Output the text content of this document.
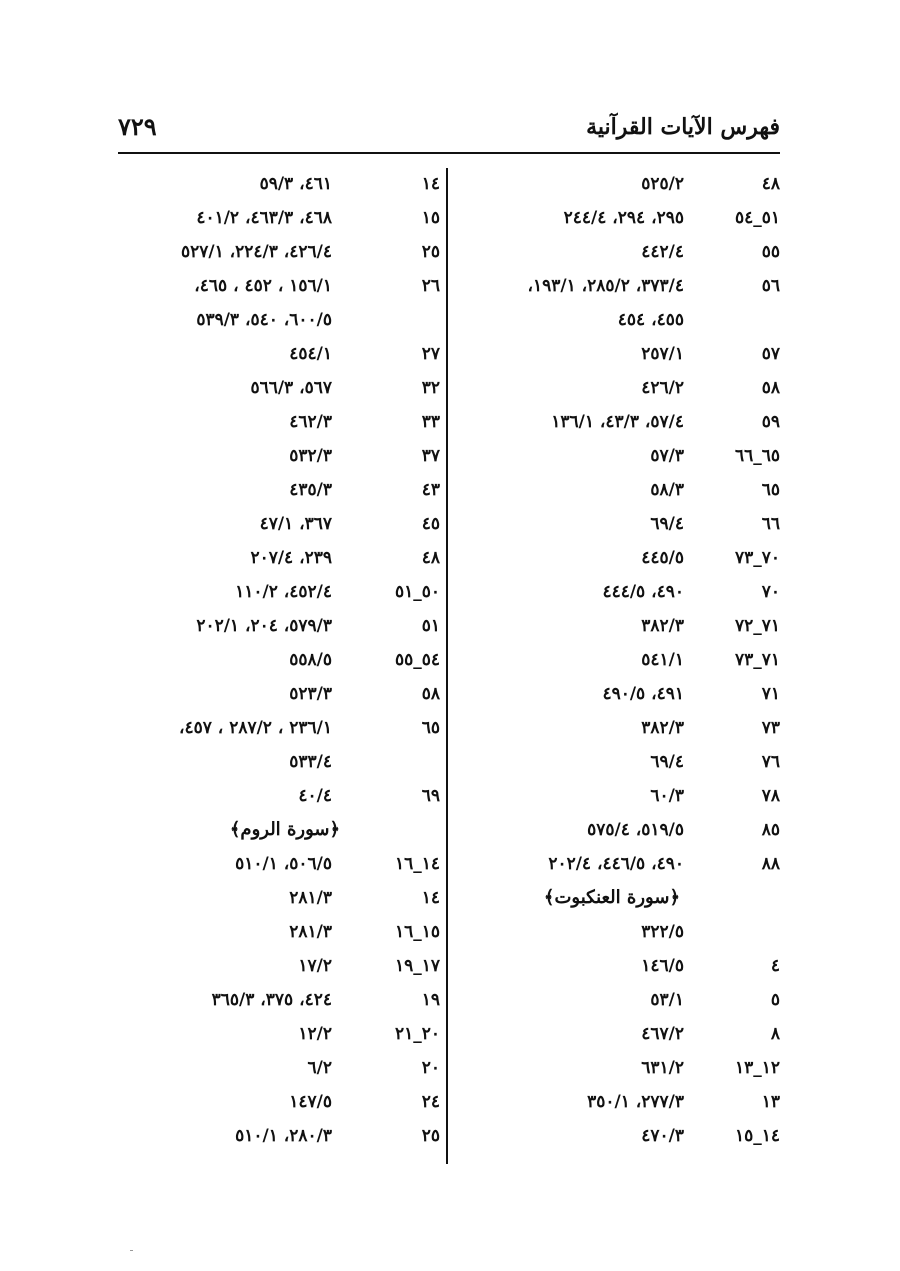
فهرس الآيات القرآنية
٧٢٩
٤٨
٥٢٥/٢
٥١_٥٤
٢٩٥، ٢٩٤، ٢٤٤/٤
٥٥
٤٤٢/٤
٥٦
٣٧٣/٤، ٢٨٥/٢، ١٩٣/١،
٤٥٥، ٤٥٤
٥٧
٢٥٧/١
٥٨
٤٢٦/٢
٥٩
٥٧/٤، ٤٣/٣، ١٣٦/١
٦٥_٦٦
٥٧/٣
٦٥
٥٨/٣
٦٦
٦٩/٤
٧٠_٧٣
٤٤٥/٥
٧٠
٤٩٠، ٤٤٤/٥
٧١_٧٢
٣٨٢/٣
٧١_٧٣
٥٤١/١
٧١
٤٩١، ٤٩٠/٥
٧٣
٣٨٢/٣
٧٦
٦٩/٤
٧٨
٦٠/٣
٨٥
٥١٩/٥، ٥٧٥/٤
٨٨
٤٩٠، ٤٤٦/٥، ٢٠٢/٤
﴿سورة العنكبوت﴾
٣٢٢/٥
٤
١٤٦/٥
٥
٥٣/١
٨
٤٦٧/٢
١٢_١٣
٦٣١/٢
١٣
٢٧٧/٣، ٣٥٠/١
١٤_١٥
٤٧٠/٣
١٤
٤٦١، ٥٩/٣
١٥
٤٦٨، ٤٦٣/٣، ٤٠١/٢
٢٥
٤٢٦/٤، ٢٢٤/٣، ٥٢٧/١
٢٦
١٥٦/١ ، ٤٥٢ ، ٤٦٥،
٦٠٠/٥، ٥٤٠، ٥٣٩/٣
٢٧
٤٥٤/١
٣٢
٥٦٧، ٥٦٦/٣
٣٣
٤٦٢/٣
٣٧
٥٣٢/٣
٤٣
٤٣٥/٣
٤٥
٣٦٧، ٤٧/١
٤٨
٢٣٩، ٢٠٧/٤
٥٠_٥١
٤٥٢/٤، ١١٠/٢
٥١
٥٧٩/٣، ٢٠٤، ٢٠٢/١
٥٤_٥٥
٥٥٨/٥
٥٨
٥٢٣/٣
٦٥
٢٣٦/١ ، ٢٨٧/٢ ، ٤٥٧،
٥٣٣/٤
٦٩
٤٠/٤
﴿سورة الروم﴾
١٤_١٦
٥٠٦/٥، ٥١٠/١
١٤
٢٨١/٣
١٥_١٦
٢٨١/٣
١٧_١٩
١٧/٢
١٩
٤٢٤، ٣٧٥، ٣٦٥/٣
٢٠_٢١
١٢/٢
٢٠
٦/٢
٢٤
١٤٧/٥
٢٥
٢٨٠/٣، ٥١٠/١
